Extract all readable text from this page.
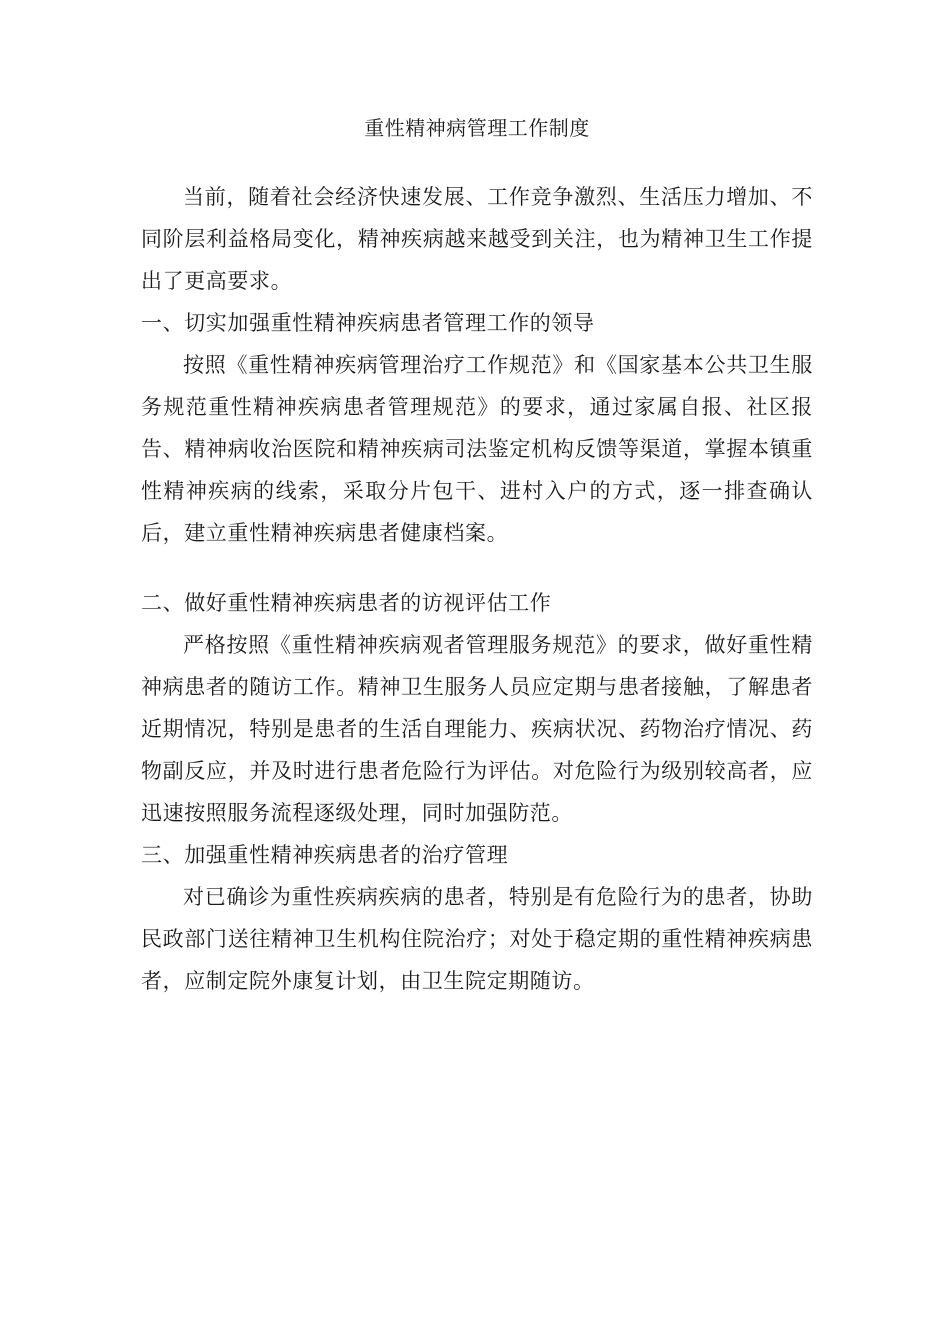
重性精神病管理工作制度

当前，随着社会经济快速发展、工作竞争激烈、生活压力增加、不同阶层利益格局变化，精神疾病越来越受到关注，也为精神卫生工作提出了更高要求。

一、切实加强重性精神疾病患者管理工作的领导

按照《重性精神疾病管理治疗工作规范》和《国家基本公共卫生服务规范重性精神疾病患者管理规范》的要求，通过家属自报、社区报告、精神病收治医院和精神疾病司法鉴定机构反馈等渠道，掌握本镇重性精神疾病的线索，采取分片包干、进村入户的方式，逐一排查确认后，建立重性精神疾病患者健康档案。

二、做好重性精神疾病患者的访视评估工作

严格按照《重性精神疾病观者管理服务规范》的要求，做好重性精神病患者的随访工作。精神卫生服务人员应定期与患者接触，了解患者近期情况，特别是患者的生活自理能力、疾病状况、药物治疗情况、药物副反应，并及时进行患者危险行为评估。对危险行为级别较高者，应迅速按照服务流程逐级处理，同时加强防范。

三、加强重性精神疾病患者的治疗管理

对已确诊为重性疾病疾病的患者，特别是有危险行为的患者，协助民政部门送往精神卫生机构住院治疗；对处于稳定期的重性精神疾病患者，应制定院外康复计划，由卫生院定期随访。
